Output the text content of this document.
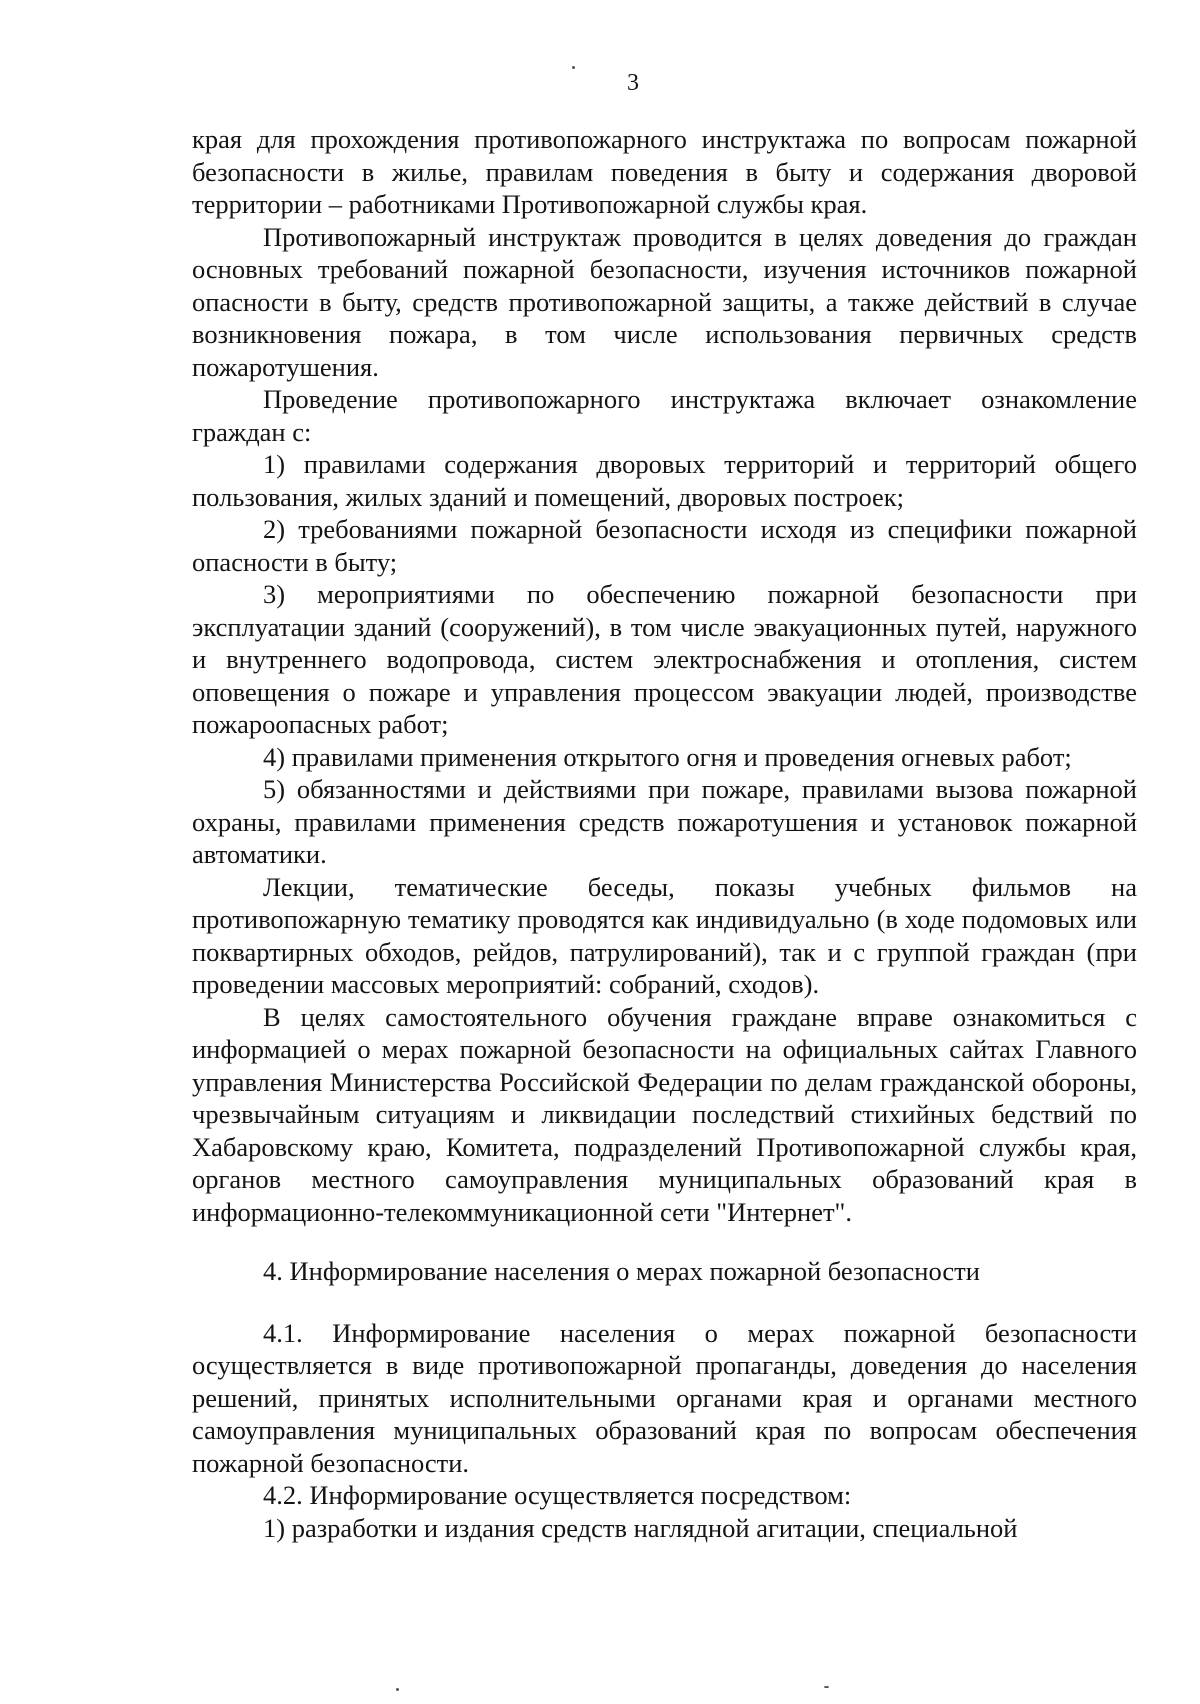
3

края для прохождения противопожарного инструктажа по вопросам пожарной безопасности в жилье, правилам поведения в быту и содержания дворовой территории – работниками Противопожарной службы края.

Противопожарный инструктаж проводится в целях доведения до граждан основных требований пожарной безопасности, изучения источников пожарной опасности в быту, средств противопожарной защиты, а также действий в случае возникновения пожара, в том числе использования первичных средств пожаротушения.

Проведение противопожарного инструктажа включает ознакомление граждан с:

1) правилами содержания дворовых территорий и территорий общего пользования, жилых зданий и помещений, дворовых построек;

2) требованиями пожарной безопасности исходя из специфики пожарной опасности в быту;

3) мероприятиями по обеспечению пожарной безопасности при эксплуатации зданий (сооружений), в том числе эвакуационных путей, наружного и внутреннего водопровода, систем электроснабжения и отопления, систем оповещения о пожаре и управления процессом эвакуации людей, производстве пожароопасных работ;

4) правилами применения открытого огня и проведения огневых работ;

5) обязанностями и действиями при пожаре, правилами вызова пожарной охраны, правилами применения средств пожаротушения и установок пожарной автоматики.

Лекции, тематические беседы, показы учебных фильмов на противопожарную тематику проводятся как индивидуально (в ходе подомовых или поквартирных обходов, рейдов, патрулирований), так и с группой граждан (при проведении массовых мероприятий: собраний, сходов).

В целях самостоятельного обучения граждане вправе ознакомиться с информацией о мерах пожарной безопасности на официальных сайтах Главного управления Министерства Российской Федерации по делам гражданской обороны, чрезвычайным ситуациям и ликвидации последствий стихийных бедствий по Хабаровскому краю, Комитета, подразделений Противопожарной службы края, органов местного самоуправления муниципальных образований края в информационно-телекоммуникационной сети "Интернет".

4. Информирование населения о мерах пожарной безопасности

4.1. Информирование населения о мерах пожарной безопасности осуществляется в виде противопожарной пропаганды, доведения до населения решений, принятых исполнительными органами края и органами местного самоуправления муниципальных образований края по вопросам обеспечения пожарной безопасности.

4.2. Информирование осуществляется посредством:

1) разработки и издания средств наглядной агитации, специальной
